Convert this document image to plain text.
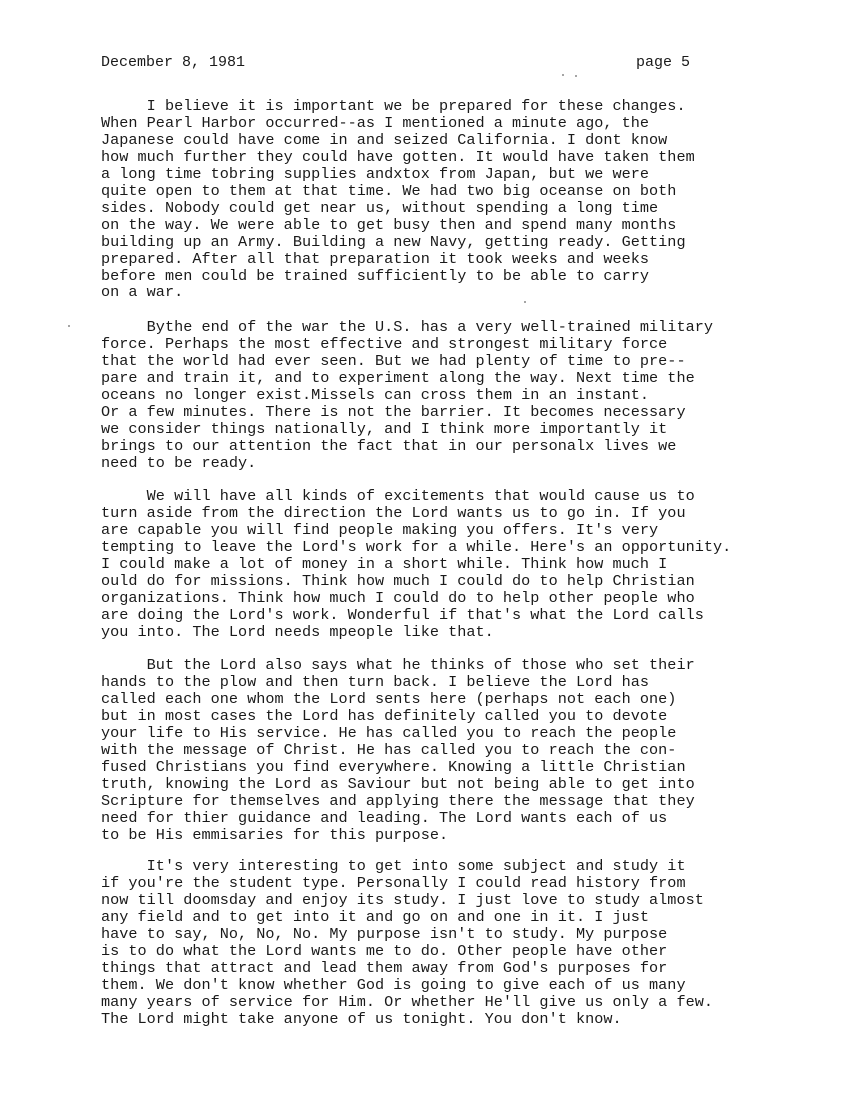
December 8, 1981	page 5
I believe it is important we be prepared for these changes.
When Pearl Harbor occurred--as I mentioned a minute ago, the
Japanese could have come in and seized California. I dont know
how much further they could have gotten. It would have taken them
a long time tobring supplies andxtox from Japan, but we were
quite open to them at that time. We had two big oceanse on both
sides. Nobody could get near us, without spending a long time
on the way. We were able to get busy then and spend many months
building up an Army. Building a new Navy, getting ready. Getting
prepared. After all that preparation it took weeks and weeks
before men could be trained sufficiently to be able to carry
on a war.
Bythe end of the war the U.S. has a very well-trained military
force. Perhaps the most effective and strongest military force
that the world had ever seen. But we had plenty of time to pre--
pare and train it, and to experiment along the way. Next time the
oceans no longer exist.Missels can cross them in an instant.
Or a few minutes. There is not the barrier. It becomes necessary
we consider things nationally, and I think more importantly it
brings to our attention the fact that in our personalx lives we
need to be ready.
We will have all kinds of excitements that would cause us to
turn aside from the direction the Lord wants us to go in. If you
are capable you will find people making you offers. It's very
tempting to leave the Lord's work for a while. Here's an opportunity.
I could make a lot of money in a short while. Think how much I
ould do for missions. Think how much I could do to help Christian
organizations. Think how much I could do to help other people who
are doing the Lord's work. Wonderful if that's what the Lord calls
you into. The Lord needs mpeople like that.
But the Lord also says what he thinks of those who set their
hands to the plow and then turn back. I believe the Lord has
called each one whom the Lord sents here (perhaps not each one)
but in most cases the Lord has definitely called you to devote
your life to His service. He has called you to reach the people
with the message of Christ. He has called you to reach the con-
fused Christians you find everywhere. Knowing a little Christian
truth, knowing the Lord as Saviour but not being able to get into
Scripture for themselves and applying there the message that they
need for thier guidance and leading. The Lord wants each of us
to be His emmisaries for this purpose.
It's very interesting to get into some subject and study it
if you're the student type. Personally I could read history from
now till doomsday and enjoy its study. I just love to study almost
any field and to get into it and go on and one in it. I just
have to say, No, No, No. My purpose isn't to study. My purpose
is to do what the Lord wants me to do. Other people have other
things that attract and lead them away from God's purposes for
them. We don't know whether God is going to give each of us many
many years of service for Him. Or whether He'll give us only a few.
The Lord might take anyone of us tonight. You don't know.
